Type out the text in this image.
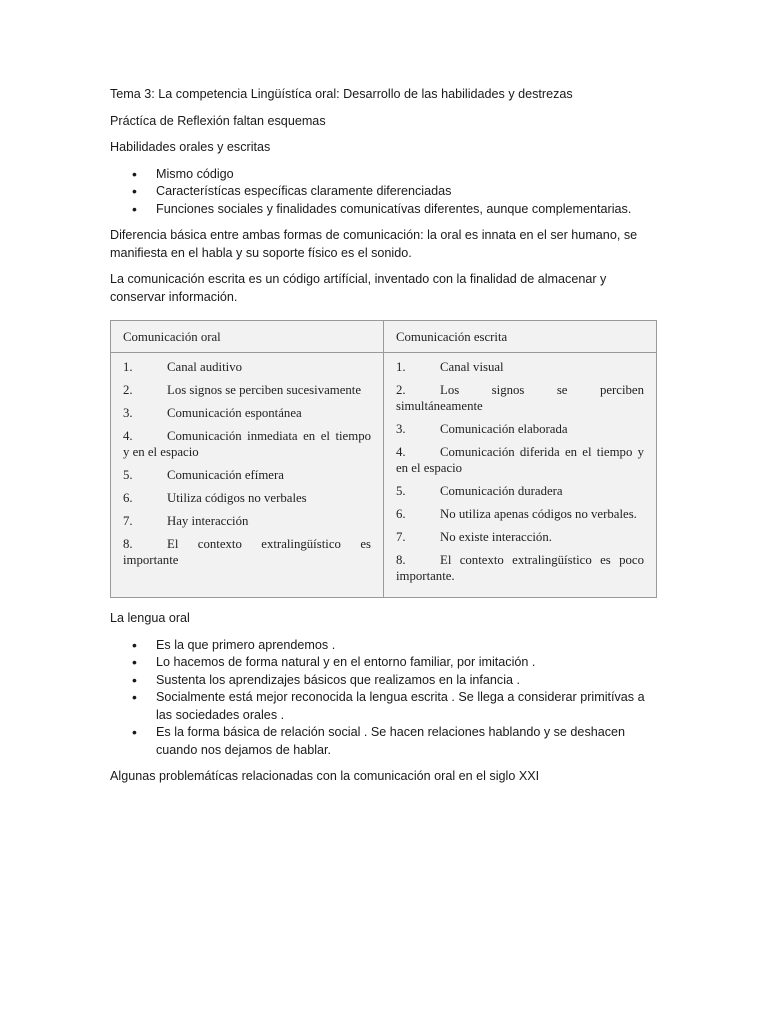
Tema 3: La competencia Lingüístíca oral: Desarrollo de las habilidades y destrezas

Práctíca de Reflexión faltan esquemas

Habilidades orales y escritas

• Mismo código
• Característícas específicas claramente diferenciadas
• Funciones sociales y finalidades comunicatívas diferentes, aunque complementarias.

Diferencia básica entre ambas formas de comunicación: la oral es innata en el ser humano, se manifiesta en el habla y su soporte físico es el sonido.

La comunicación escrita es un código artífícial, inventado con la finalidad de almacenar y conservar información.

Comunicación oral	Comunicación escrita
1.	Canal auditivo
2.	Los signos se perciben sucesivamente
3.	Comunicación espontánea
4.	Comunicación inmediata en el tiempo y en el espacio
5.	Comunicación efímera
6.	Utiliza códigos no verbales
7.	Hay interacción
8.	El contexto extralingüístico es importante
1.	Canal visual
2.	Los signos se perciben simultáneamente
3.	Comunicación elaborada
4.	Comunicación diferida en el tiempo y en el espacio
5.	Comunicación duradera
6.	No utiliza apenas códigos no verbales.
7.	No existe interacción.
8.	El contexto extralingüístico es poco importante.

La lengua oral

• Es la que primero aprendemos .
• Lo hacemos de forma natural y en el entorno familiar, por imitación .
• Sustenta los aprendizajes básicos que realizamos en la infancia .
• Socialmente está mejor reconocida la lengua escrita . Se llega a considerar primitívas a las sociedades orales .
• Es la forma básica de relación social . Se hacen relaciones hablando y se deshacen cuando nos dejamos de hablar.

Algunas problemátícas relacionadas con la comunicación oral en el siglo XXI
